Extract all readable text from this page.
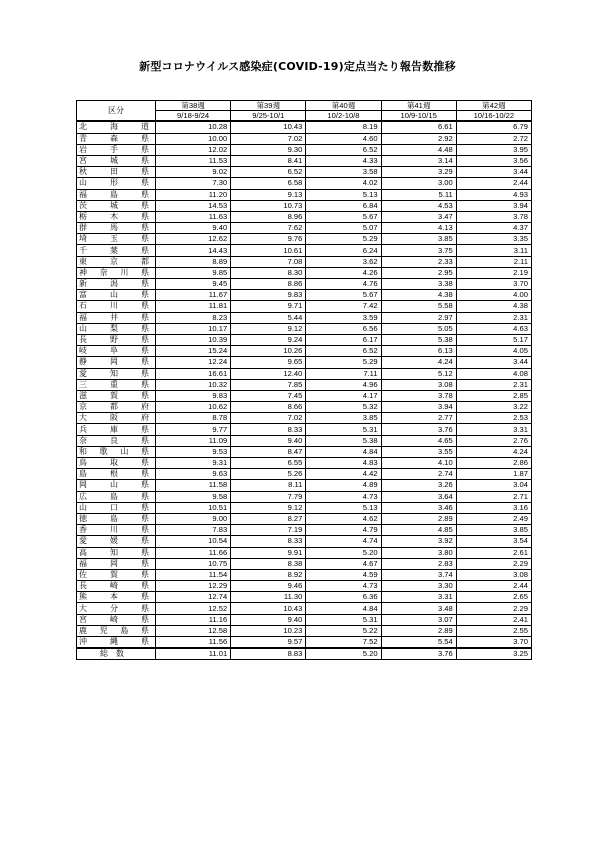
新型コロナウイルス感染症(COVID-19)定点当たり報告数推移
区分	第38週	第39週	第40週	第41週	第42週
	9/18-9/24	9/25-10/1	10/2-10/8	10/9-10/15	10/16-10/22
北海道	10.28	10.43	8.19	6.61	6.79
青森県	10.00	7.02	4.60	2.92	2.72
岩手県	12.02	9.30	6.52	4.48	3.95
宮城県	11.53	8.41	4.33	3.14	3.56
秋田県	9.02	6.52	3.58	3.29	3.44
山形県	7.30	6.58	4.02	3.00	2.44
福島県	11.20	9.13	5.13	5.11	4.93
茨城県	14.53	10.73	6.84	4.53	3.94
栃木県	11.63	8.96	5.67	3.47	3.78
群馬県	9.40	7.62	5.07	4.13	4.37
埼玉県	12.62	9.76	5.29	3.85	3.35
千葉県	14.43	10.61	6.24	3.75	3.11
東京都	8.89	7.08	3.62	2.33	2.11
神奈川県	9.85	8.30	4.26	2.95	2.19
新潟県	9.45	8.86	4.76	3.38	3.70
富山県	11.67	9.83	5.67	4.38	4.00
石川県	11.81	9.71	7.42	5.58	4.38
福井県	8.23	5.44	3.59	2.97	2.31
山梨県	10.17	9.12	6.56	5.05	4.63
長野県	10.39	9.24	6.17	5.38	5.17
岐阜県	15.24	10.26	6.52	6.13	4.05
静岡県	12.24	9.65	5.29	4.24	3.44
愛知県	16.61	12.40	7.11	5.12	4.08
三重県	10.32	7.85	4.96	3.08	2.31
滋賀県	9.83	7.45	4.17	3.78	2.85
京都府	10.62	8.66	5.32	3.94	3.22
大阪府	8.78	7.02	3.85	2.77	2.53
兵庫県	9.77	8.33	5.31	3.76	3.31
奈良県	11.09	9.40	5.38	4.65	2.76
和歌山県	9.53	8.47	4.84	3.55	4.24
鳥取県	9.31	6.55	4.83	4.10	2.86
島根県	9.63	5.26	4.42	2.74	1.87
岡山県	11.58	8.11	4.89	3.26	3.04
広島県	9.58	7.79	4.73	3.64	2.71
山口県	10.51	9.12	5.13	3.46	3.16
徳島県	9.00	8.27	4.62	2.89	2.49
香川県	7.83	7.19	4.79	4.85	3.85
愛媛県	10.54	8.33	4.74	3.92	3.54
高知県	11.66	9.91	5.20	3.80	2.61
福岡県	10.75	8.38	4.67	2.83	2.29
佐賀県	11.54	8.92	4.59	3.74	3.08
長崎県	12.29	9.46	4.73	3.30	2.44
熊本県	12.74	11.30	6.36	3.31	2.65
大分県	12.52	10.43	4.84	3.48	2.29
宮崎県	11.16	9.40	5.31	3.07	2.41
鹿児島県	12.58	10.23	5.22	2.89	2.55
沖縄県	11.56	9.57	7.52	5.54	3.70
総数	11.01	8.83	5.20	3.76	3.25
